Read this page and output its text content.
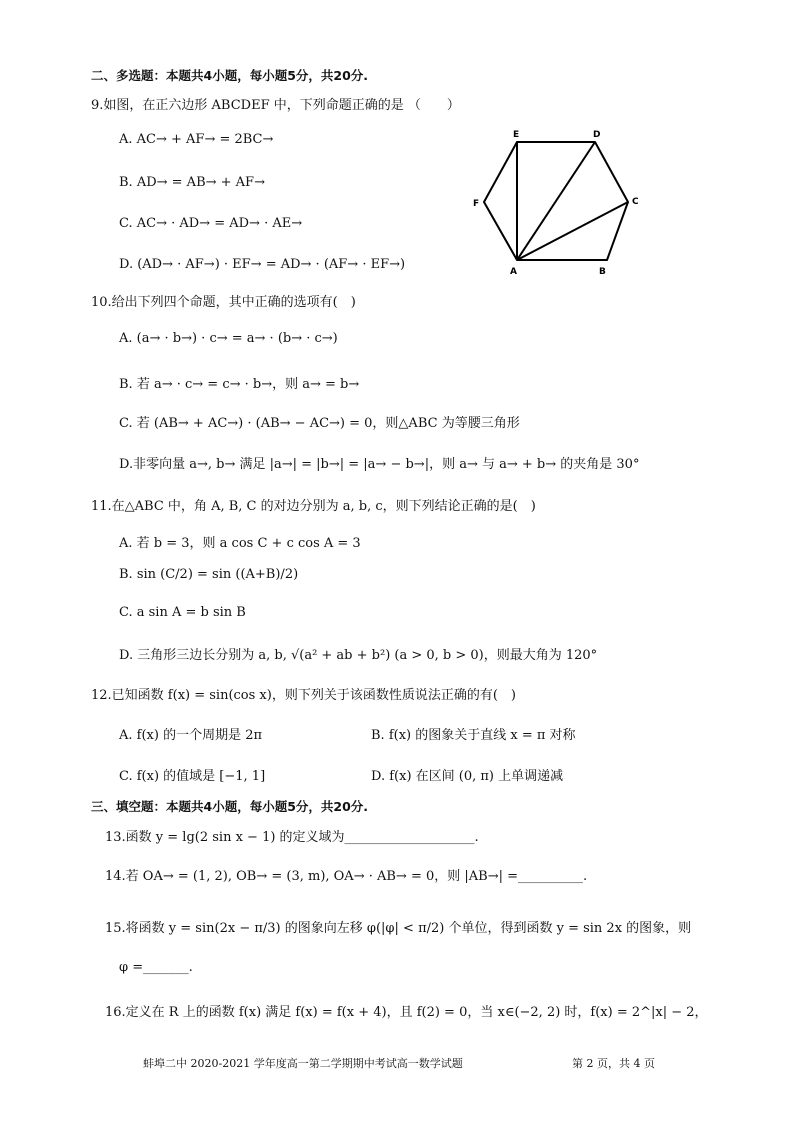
二、多选题：本题共4小题，每小题5分，共20分.
9.如图，在正六边形 ABCDEF 中，下列命题正确的是 （　　）
A. AC→ + AF→ = 2BC→
B. AD→ = AB→ + AF→
C. AC→ · AD→ = AD→ · AE→
D. (AD→ · AF→) · EF→ = AD→ · (AF→ · EF→)
E	D
F	C
A	B
10.给出下列四个命题，其中正确的选项有(　)
A. (a→ · b→) · c→ = a→ · (b→ · c→)
B. 若 a→ · c→ = c→ · b→，则 a→ = b→
C. 若 (AB→ + AC→) · (AB→ − AC→) = 0，则△ABC 为等腰三角形
D.非零向量 a→, b→ 满足 |a→| = |b→| = |a→ − b→|，则 a→ 与 a→ + b→ 的夹角是 30°
11.在△ABC 中，角 A, B, C 的对边分别为 a, b, c，则下列结论正确的是(　)
A. 若 b = 3，则 a cos C + c cos A = 3
B. sin (C/2) = sin ((A+B)/2)
C. a sin A = b sin B
D. 三角形三边长分别为 a, b, √(a² + ab + b²) (a > 0, b > 0)，则最大角为 120°
12.已知函数 f(x) = sin(cos x)，则下列关于该函数性质说法正确的有(　)
A. f(x) 的一个周期是 2π	B. f(x) 的图象关于直线 x = π 对称
C. f(x) 的值域是 [−1, 1]	D. f(x) 在区间 (0, π) 上单调递减
三、填空题：本题共4小题，每小题5分，共20分.
13.函数 y = lg(2 sin x − 1) 的定义域为____________________.
14.若 OA→ = (1, 2), OB→ = (3, m), OA→ · AB→ = 0，则 |AB→| =__________.
15.将函数 y = sin(2x − π/3) 的图象向左移 φ(|φ| < π/2) 个单位，得到函数 y = sin 2x 的图象，则
φ =_______.
16.定义在 R 上的函数 f(x) 满足 f(x) = f(x + 4)，且 f(2) = 0，当 x∈(−2, 2) 时，f(x) = 2^|x| − 2，
蚌埠二中 2020-2021 学年度高一第二学期期中考试高一数学试题	第 2 页，共 4 页
